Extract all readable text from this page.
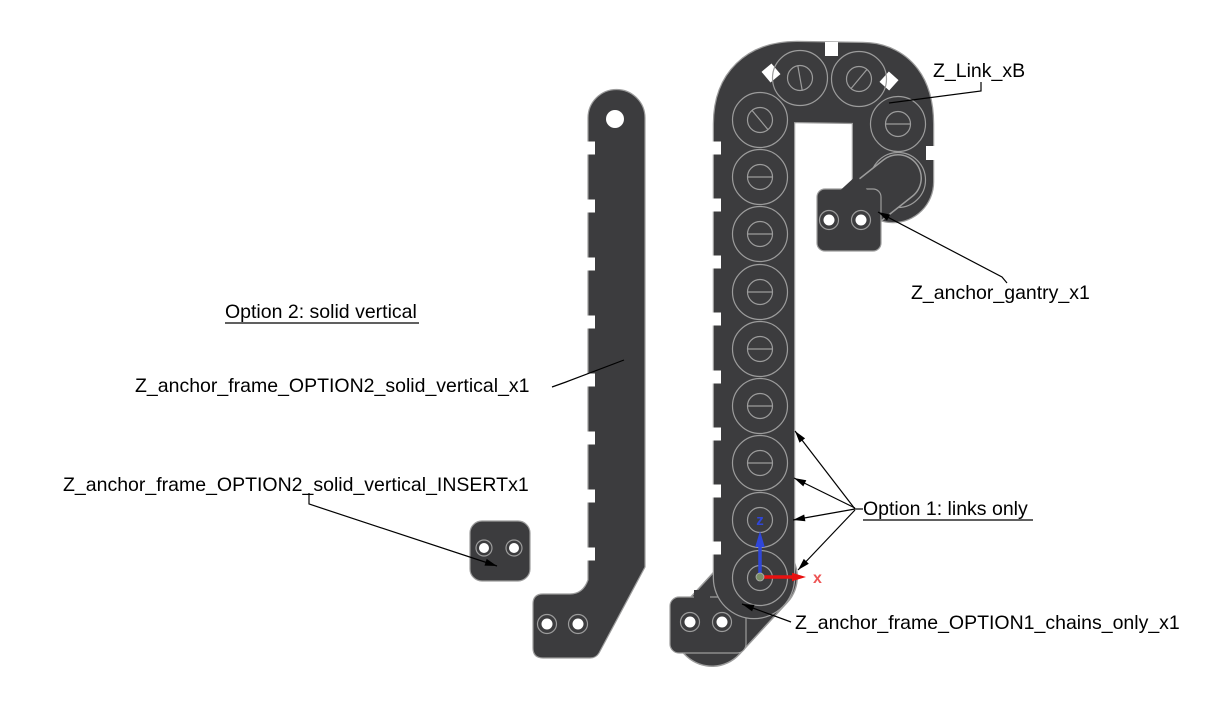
x
z
Z_Link_xB
Z_anchor_gantry_x1
Option 2: solid vertical
Z_anchor_frame_OPTION2_solid_vertical_x1
Z_anchor_frame_OPTION2_solid_vertical_INSERTx1
Option 1: links only
Z_anchor_frame_OPTION1_chains_only_x1
